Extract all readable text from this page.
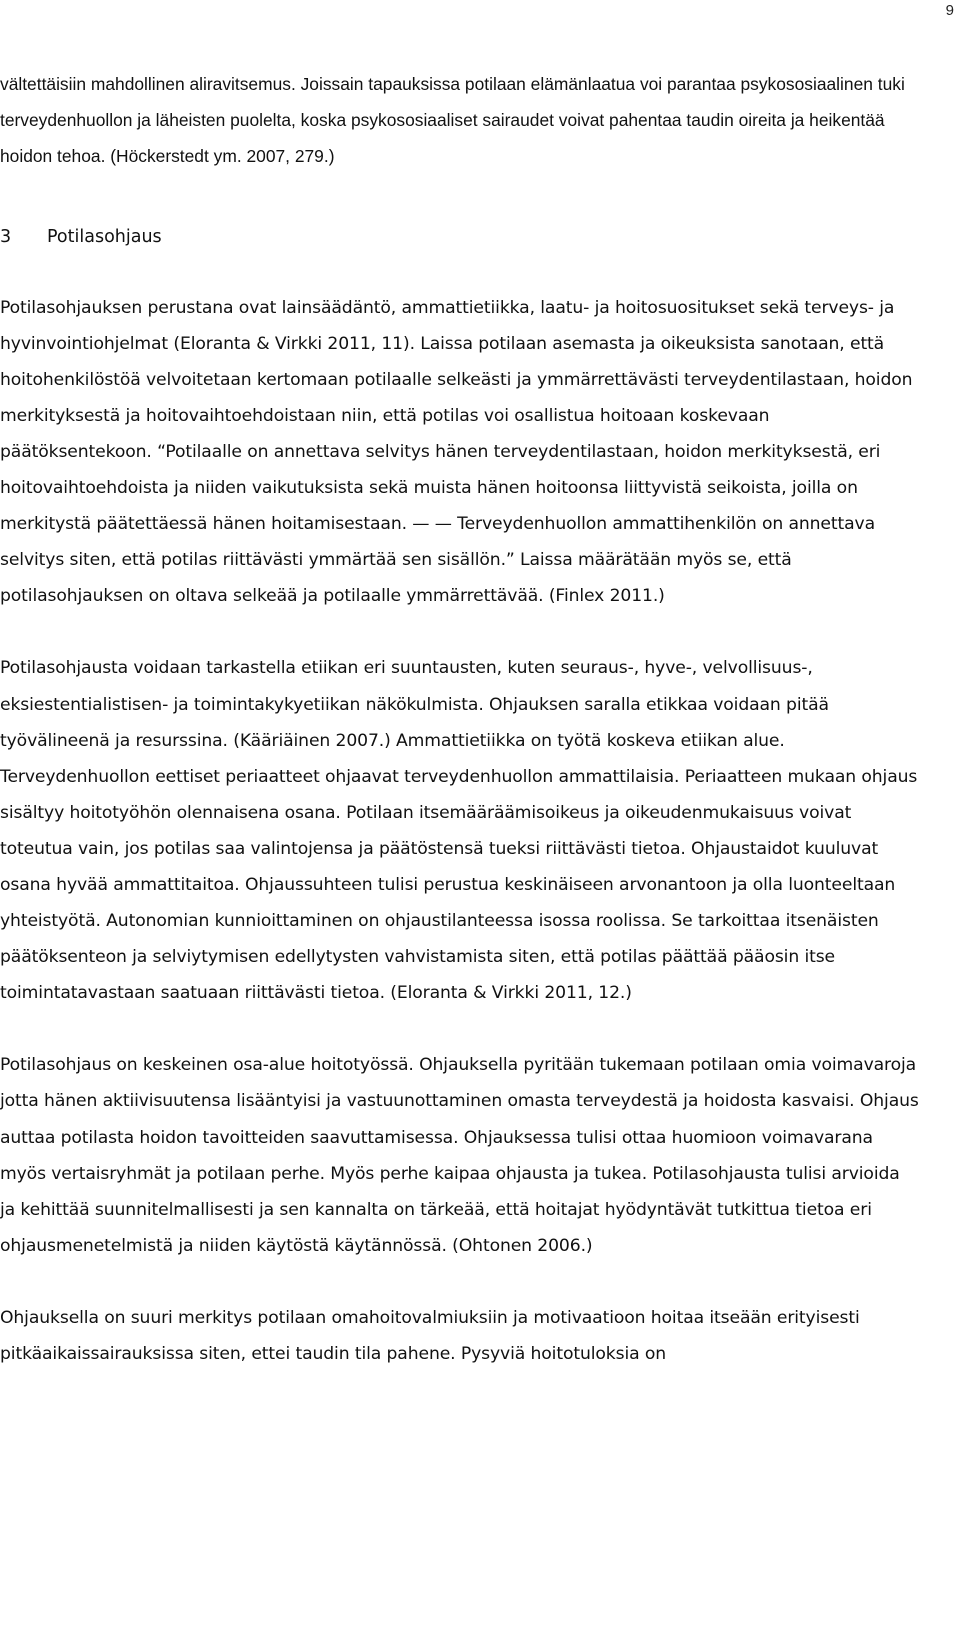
9

vältettäisiin mahdollinen aliravitsemus. Joissain tapauksissa potilaan elämänlaatua voi parantaa psykososiaalinen tuki terveydenhuollon ja läheisten puolelta, koska psykososiaaliset sairaudet voivat pahentaa taudin oireita ja heikentää hoidon tehoa. (Höckerstedt ym. 2007, 279.)

3	Potilasohjaus

Potilasohjauksen perustana ovat lainsäädäntö, ammattietiikka, laatu- ja hoitosuositukset sekä terveys- ja hyvinvointiohjelmat (Eloranta & Virkki 2011, 11). Laissa potilaan asemasta ja oikeuksista sanotaan, että hoitohenkilöstöä velvoitetaan kertomaan potilaalle selkeästi ja ymmärrettävästi terveydentilastaan, hoidon merkityksestä ja hoitovaihtoehdoistaan niin, että potilas voi osallistua hoitoaan koskevaan päätöksentekoon. “Potilaalle on annettava selvitys hänen terveydentilastaan, hoidon merkityksestä, eri hoitovaihtoehdoista ja niiden vaikutuksista sekä muista hänen hoitoonsa liittyvistä seikoista, joilla on merkitystä päätettäessä hänen hoitamisestaan. — — Terveydenhuollon ammattihenkilön on annettava selvitys siten, että potilas riittävästi ymmärtää sen sisällön.” Laissa määrätään myös se, että potilasohjauksen on oltava selkeää ja potilaalle ymmärrettävää. (Finlex 2011.)

Potilasohjausta voidaan tarkastella etiikan eri suuntausten, kuten seuraus-, hyve-, velvollisuus-, eksiestentialistisen- ja toimintakykyetiikan näkökulmista. Ohjauksen saralla etikkaa voidaan pitää työvälineenä ja resurssina. (Kääriäinen 2007.) Ammattietiikka on työtä koskeva etiikan alue. Terveydenhuollon eettiset periaatteet ohjaavat terveydenhuollon ammattilaisia. Periaatteen mukaan ohjaus sisältyy hoitotyöhön olennaisena osana. Potilaan itsemääräämisoikeus ja oikeudenmukaisuus voivat toteutua vain, jos potilas saa valintojensa ja päätöstensä tueksi riittävästi tietoa. Ohjaustaidot kuuluvat osana hyvää ammattitaitoa. Ohjaussuhteen tulisi perustua keskinäiseen arvonantoon ja olla luonteeltaan yhteistyötä. Autonomian kunnioittaminen on ohjaustilanteessa isossa roolissa. Se tarkoittaa itsenäisten päätöksenteon ja selviytymisen edellytysten vahvistamista siten, että potilas päättää pääosin itse toimintatavastaan saatuaan riittävästi tietoa. (Eloranta & Virkki 2011, 12.)

Potilasohjaus on keskeinen osa-alue hoitotyössä. Ohjauksella pyritään tukemaan potilaan omia voimavaroja jotta hänen aktiivisuutensa lisääntyisi ja vastuunottaminen omasta terveydestä ja hoidosta kasvaisi. Ohjaus auttaa potilasta hoidon tavoitteiden saavuttamisessa. Ohjauksessa tulisi ottaa huomioon voimavarana myös vertaisryhmät ja potilaan perhe. Myös perhe kaipaa ohjausta ja tukea. Potilasohjausta tulisi arvioida ja kehittää suunnitelmallisesti ja sen kannalta on tärkeää, että hoitajat hyödyntävät tutkittua tietoa eri ohjausmenetelmistä ja niiden käytöstä käytännössä. (Ohtonen 2006.)

Ohjauksella on suuri merkitys potilaan omahoitovalmiuksiin ja motivaatioon hoitaa itseään erityisesti pitkäaikaissairauksissa siten, ettei taudin tila pahene. Pysyviä hoitotuloksia on
